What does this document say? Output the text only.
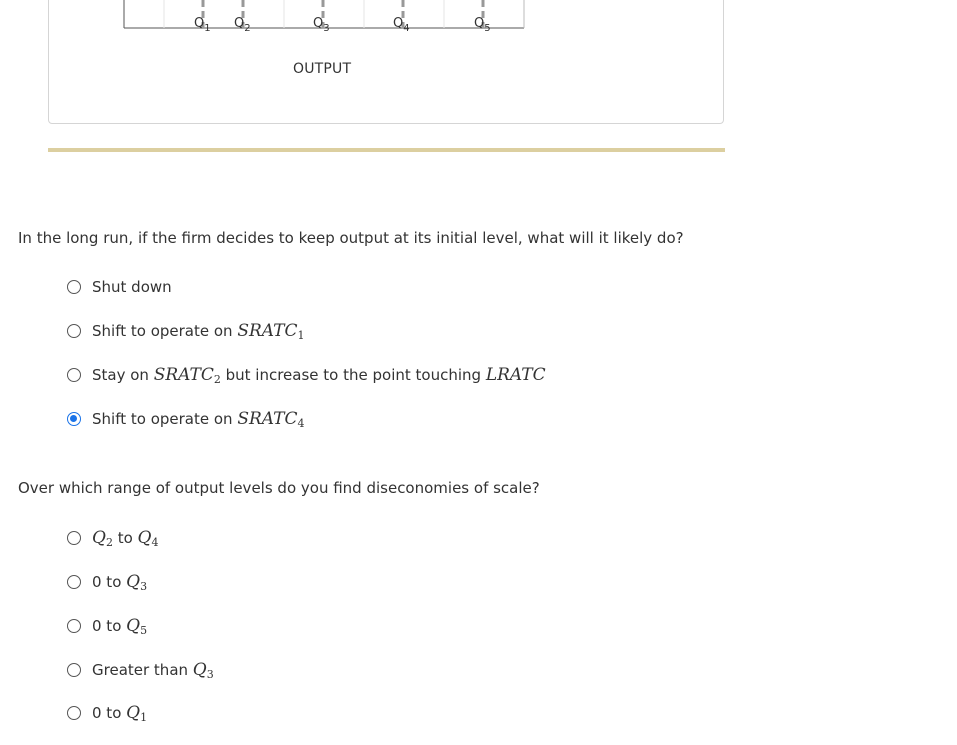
$Q_1$ $Q_2$	$Q_3$	$Q_4$	$Q_5$
OUTPUT
In the long run, if the firm decides to keep output at its initial level, what will it likely do?
Shut down
Shift to operate on $SRATC_1$
Stay on $SRATC_2$ but increase to the point touching LRATC
Shift to operate on $SRATC_4$
Over which range of output levels do you find diseconomies of scale?
$Q_2$ to $Q_4$
0 to $Q_3$
0 to $Q_5$
Greater than $Q_3$
0 to $Q_1$
